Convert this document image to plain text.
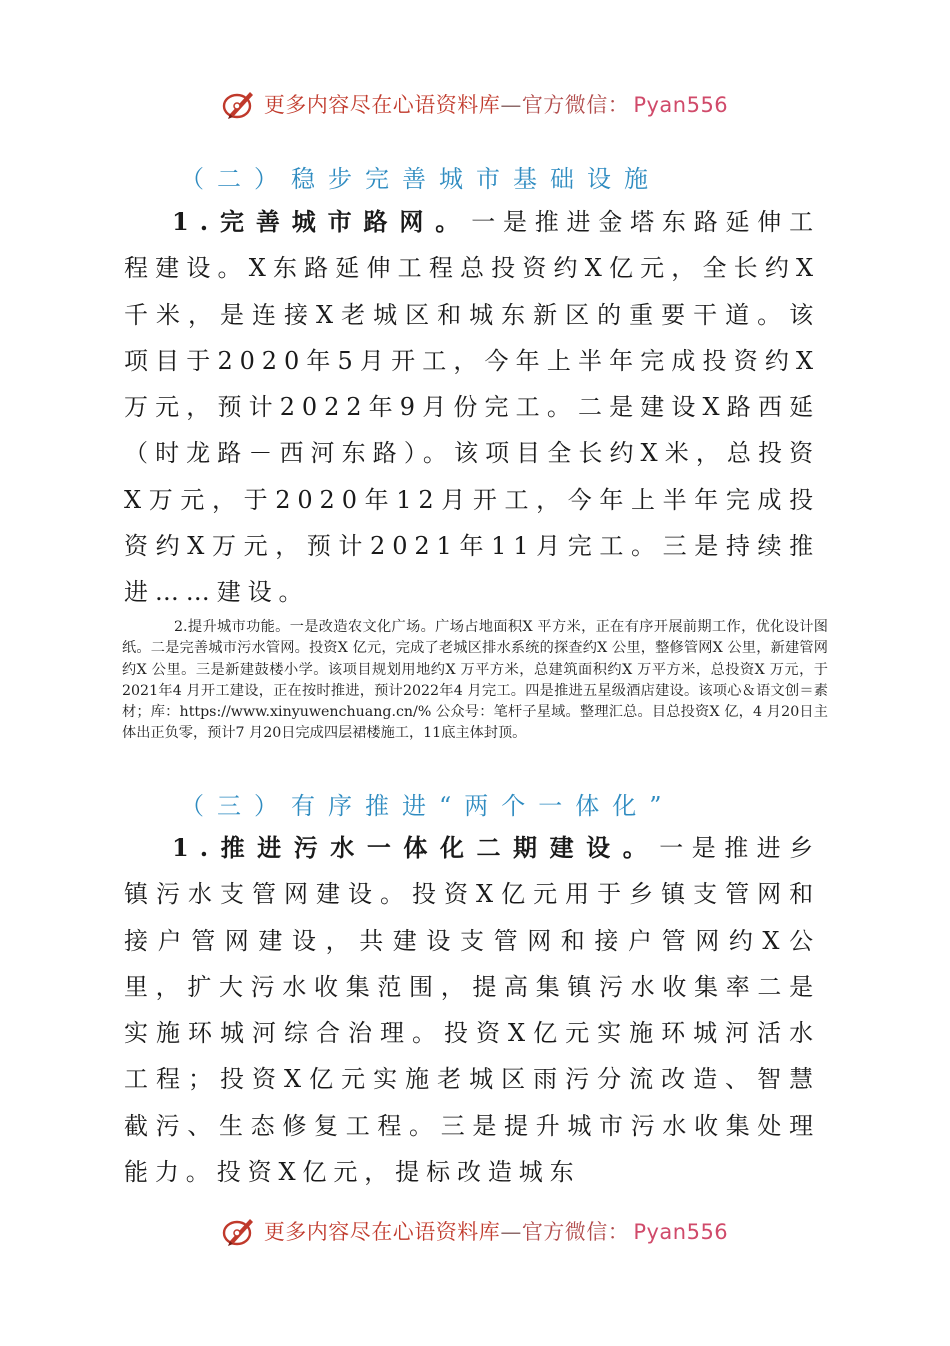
更多内容尽在心语资料库—官方微信： Pyan556
（二）稳步完善城市基础设施
1.完善城市路网。一是推进金塔东路延伸工程建设。X东路延伸工程总投资约X亿元，全长约X千米，是连接X老城区和城东新区的重要干道。该项目于2020年5月开工，今年上半年完成投资约X万元，预计2022年9月份完工。二是建设X路西延（时龙路－西河东路）。该项目全长约X米，总投资X万元，于2020年12月开工，今年上半年完成投资约X万元，预计2021年11月完工。三是持续推进……建设。
2.提升城市功能。一是改造农文化广场。广场占地面积X 平方米，正在有序开展前期工作，优化设计图纸。二是完善城市污水管网。投资X 亿元，完成了老城区排水系统的探查约X 公里，整修管网X 公里，新建管网约X 公里。三是新建鼓楼小学。该项目规划用地约X 万平方米，总建筑面积约X 万平方米，总投资X 万元，于2021年4 月开工建设，正在按时推进，预计2022年4 月完工。四是推进五星级酒店建设。该项心＆语文创＝素材；库：https://www.xinyuwenchuang.cn/% 公众号：笔杆子星域。整理汇总。目总投资X 亿，4 月20日主体出正负零，预计7 月20日完成四层裙楼施工，11底主体封顶。
（三）有序推进“两个一体化”
1.推进污水一体化二期建设。一是推进乡镇污水支管网建设。投资X亿元用于乡镇支管网和接户管网建设，共建设支管网和接户管网约X公里，扩大污水收集范围，提高集镇污水收集率二是实施环城河综合治理。投资X亿元实施环城河活水工程；投资X亿元实施老城区雨污分流改造、智慧截污、生态修复工程。三是提升城市污水收集处理能力。投资X亿元，提标改造城东
更多内容尽在心语资料库—官方微信： Pyan556
